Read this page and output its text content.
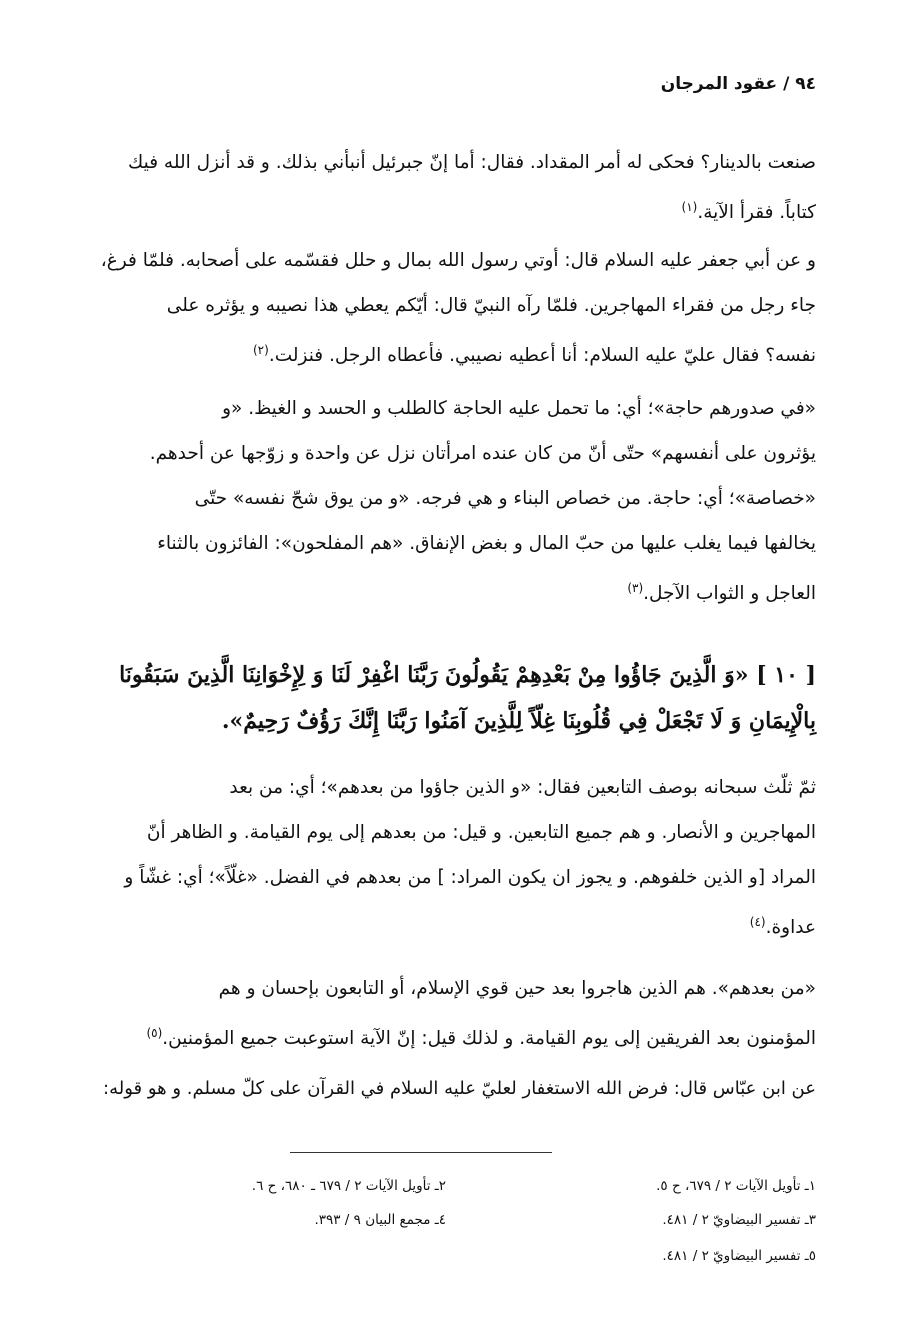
٩٤ / عقود المرجان
صنعت بالدينار؟ فحكى له أمر المقداد. فقال: أما إنّ جبرئيل أنبأني بذلك. و قد أنزل الله فيك
كتاباً. فقرأ الآية.$^{(١)}$
و عن أبي جعفر عليه السلام قال: أوتي رسول الله بمال و حلل فقسّمه على أصحابه. فلمّا فرغ،
جاء رجل من فقراء المهاجرين. فلمّا رآه النبيّ قال: أيّكم يعطي هذا نصيبه و يؤثره على
نفسه؟ فقال عليّ عليه السلام: أنا أعطيه نصيبي. فأعطاه الرجل. فنزلت.$^{(٢)}$
«في صدورهم حاجة»؛ أي: ما تحمل عليه الحاجة كالطلب و الحسد و الغيظ. «و
يؤثرون على أنفسهم» حتّى أنّ من كان عنده امرأتان نزل عن واحدة و زوّجها عن أحدهم.
«خصاصة»؛ أي: حاجة. من خصاص البناء و هي فرجه. «و من يوق شحّ نفسه» حتّى
يخالفها فيما يغلب عليها من حبّ المال و بغض الإنفاق. «هم المفلحون»: الفائزون بالثناء
العاجل و الثواب الآجل.$^{(٣)}$
[ ١٠ ] «وَ الَّذِينَ جَاؤُوا مِنْ بَعْدِهِمْ يَقُولُونَ رَبَّنَا اغْفِرْ لَنَا وَ لِإِخْوَانِنَا الَّذِينَ سَبَقُونَا
بِالْإِيمَانِ وَ لَا تَجْعَلْ فِي قُلُوبِنَا غِلّاً لِلَّذِينَ آمَنُوا رَبَّنَا إِنَّكَ رَؤُفٌ رَحِيمٌ».
ثمّ ثلّث سبحانه بوصف التابعين فقال: «و الذين جاؤوا من بعدهم»؛ أي: من بعد
المهاجرين و الأنصار. و هم جميع التابعين. و قيل: من بعدهم إلى يوم القيامة. و الظاهر أنّ
المراد [و الذين خلفوهم. و يجوز ان يكون المراد: ] من بعدهم في الفضل. «غلّاً»؛ أي: غشّاً و
عداوة.$^{(٤)}$
«من بعدهم». هم الذين هاجروا بعد حين قوي الإسلام، أو التابعون بإحسان و هم
المؤمنون بعد الفريقين إلى يوم القيامة. و لذلك قيل: إنّ الآية استوعبت جميع المؤمنين.$^{(٥)}$
عن ابن عبّاس قال: فرض الله الاستغفار لعليّ عليه السلام في القرآن على كلّ مسلم. و هو قوله:
١ـ تأويل الآيات ٢ / ٦٧٩، ح ٥.
٢ـ تأويل الآيات ٢ / ٦٧٩ ـ ٦٨٠، ح ٦.
٣ـ تفسير البيضاويّ ٢ / ٤٨١.
٤ـ مجمع البيان ٩ / ٣٩٣.
٥ـ تفسير البيضاويّ ٢ / ٤٨١.
